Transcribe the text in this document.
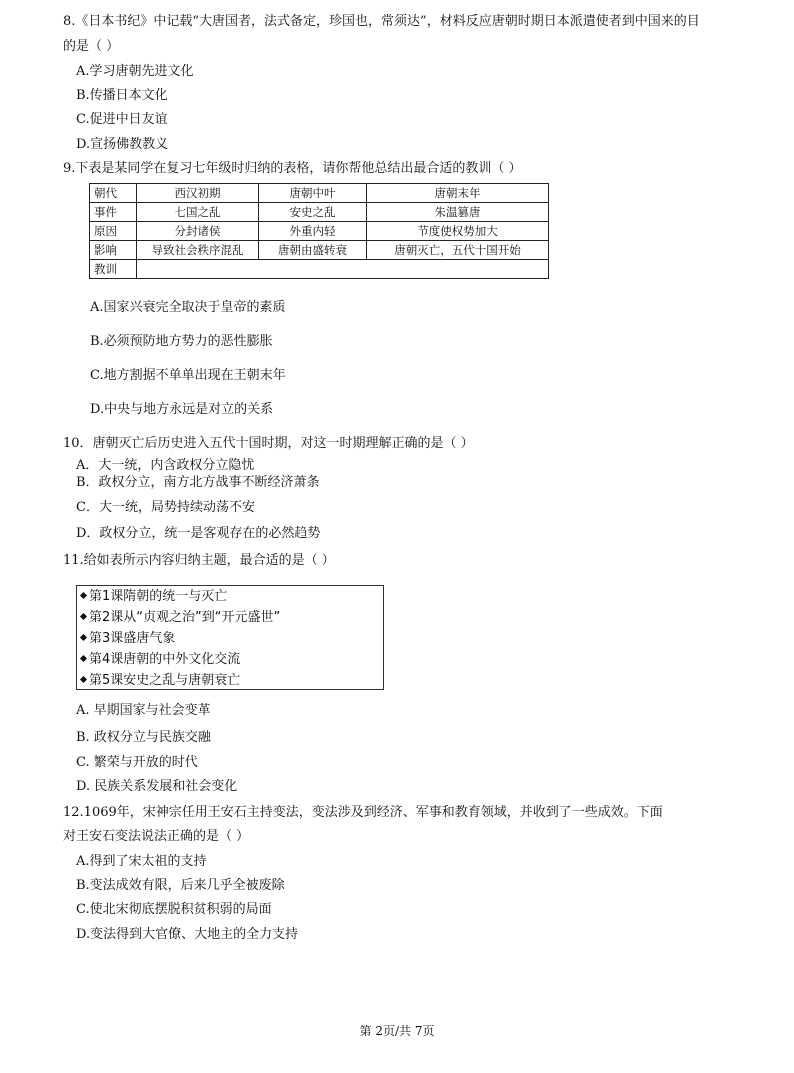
8.《日本书纪》中记载“大唐国者，法式备定，珍国也，常须达”，材料反应唐朝时期日本派遣使者到中国来的目
的是（ ）
A.学习唐朝先进文化
B.传播日本文化
C.促进中日友谊
D.宣扬佛教教义
9.下表是某同学在复习七年级时归纳的表格，请你帮他总结出最合适的教训（ ）
朝代	西汉初期	唐朝中叶	唐朝末年
事件	七国之乱	安史之乱	朱温篡唐
原因	分封诸侯	外重内轻	节度使权势加大
影响	导致社会秩序混乱	唐朝由盛转衰	唐朝灭亡，五代十国开始
教训			
A.国家兴衰完全取决于皇帝的素质
B.必须预防地方势力的恶性膨胀
C.地方割据不单单出现在王朝末年
D.中央与地方永远是对立的关系
10．唐朝灭亡后历史进入五代十国时期，对这一时期理解正确的是（ ）
A．大一统，内含政权分立隐忧
B．政权分立，南方北方战事不断经济萧条
C．大一统，局势持续动荡不安
D．政权分立，统一是客观存在的必然趋势
11.给如表所示内容归纳主题，最合适的是（ ）
第1课隋朝的统一与灭亡
第2课从“贞观之治”到“开元盛世”
第3课盛唐气象
第4课唐朝的中外文化交流
第5课安史之乱与唐朝衰亡
A. 早期国家与社会变革
B. 政权分立与民族交融
C. 繁荣与开放的时代
D. 民族关系发展和社会变化
12.1069年，宋神宗任用王安石主持变法，变法涉及到经济、军事和教育领域，并收到了一些成效。下面
对王安石变法说法正确的是（ ）
A.得到了宋太祖的支持
B.变法成效有限，后来几乎全被废除
C.使北宋彻底摆脱积贫积弱的局面
D.变法得到大官僚、大地主的全力支持
第 2页/共 7页
